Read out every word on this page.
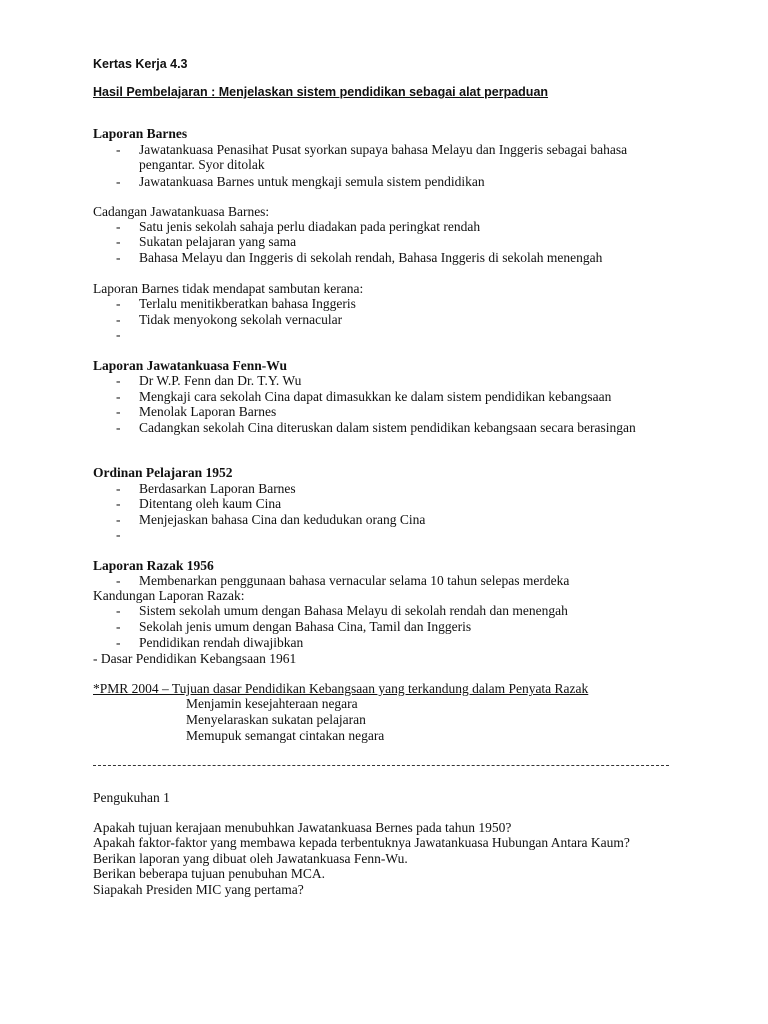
Kertas Kerja 4.3
Hasil Pembelajaran : Menjelaskan sistem pendidikan sebagai alat perpaduan
Laporan Barnes
- Jawatankuasa Penasihat Pusat syorkan supaya bahasa Melayu dan Inggeris sebagai bahasa
pengantar. Syor ditolak
- Jawatankuasa Barnes untuk mengkaji semula sistem pendidikan
Cadangan Jawatankuasa Barnes:
- Satu jenis sekolah sahaja perlu diadakan pada peringkat rendah
- Sukatan pelajaran yang sama
- Bahasa Melayu dan Inggeris di sekolah rendah, Bahasa Inggeris di sekolah menengah
Laporan Barnes tidak mendapat sambutan kerana:
- Terlalu menitikberatkan bahasa Inggeris
- Tidak menyokong sekolah vernacular
-
Laporan Jawatankuasa Fenn-Wu
- Dr W.P. Fenn dan Dr. T.Y. Wu
- Mengkaji cara sekolah Cina dapat dimasukkan ke dalam sistem pendidikan kebangsaan
- Menolak Laporan Barnes
- Cadangkan sekolah Cina diteruskan dalam sistem pendidikan kebangsaan secara berasingan
Ordinan Pelajaran 1952
- Berdasarkan Laporan Barnes
- Ditentang oleh kaum Cina
- Menjejaskan bahasa Cina dan kedudukan orang Cina
-
Laporan Razak 1956
- Membenarkan penggunaan bahasa vernacular selama 10 tahun selepas merdeka
Kandungan Laporan Razak:
- Sistem sekolah umum dengan Bahasa Melayu di sekolah rendah dan menengah
- Sekolah jenis umum dengan Bahasa Cina, Tamil dan Inggeris
- Pendidikan rendah diwajibkan
- Dasar Pendidikan Kebangsaan 1961
*PMR 2004 – Tujuan dasar Pendidikan Kebangsaan yang terkandung dalam Penyata Razak
Menjamin kesejahteraan negara
Menyelaraskan sukatan pelajaran
Memupuk semangat cintakan negara
Pengukuhan 1
Apakah tujuan kerajaan menubuhkan Jawatankuasa Bernes pada tahun 1950?
Apakah faktor-faktor yang membawa kepada terbentuknya Jawatankuasa Hubungan Antara Kaum?
Berikan laporan yang dibuat oleh Jawatankuasa Fenn-Wu.
Berikan beberapa tujuan penubuhan MCA.
Siapakah Presiden MIC yang pertama?
